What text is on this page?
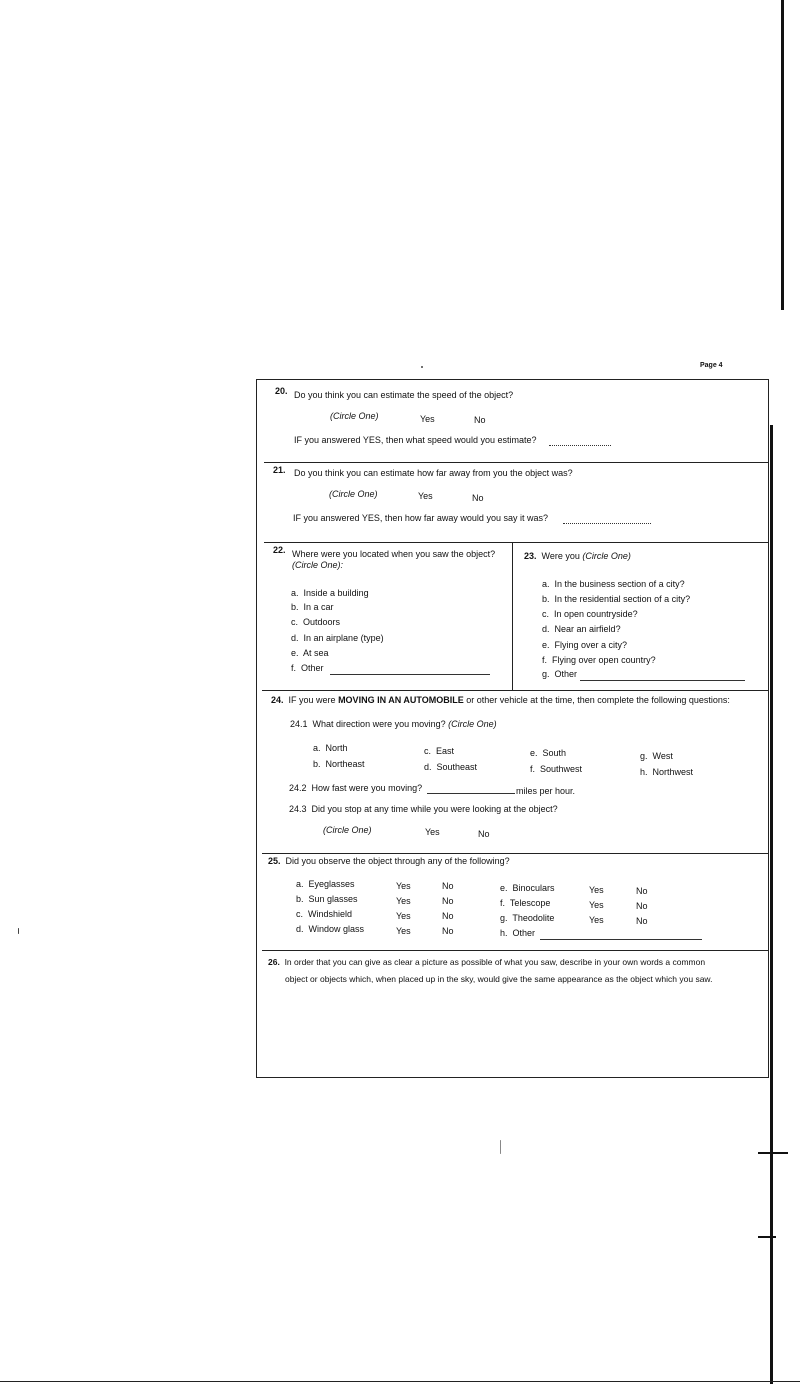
Page 4
20. Do you think you can estimate the speed of the object?
(Circle One)	Yes	No
IF you answered YES, then what speed would you estimate?
21. Do you think you can estimate how far away from you the object was?
(Circle One)	Yes	No
IF you answered YES, then how far away would you say it was?
22. Where were you located when you saw the object?
(Circle One):
a. Inside a building
b. In a car
c. Outdoors
d. In an airplane (type)
e. At sea
f. Other
23. Were you (Circle One)
a. In the business section of a city?
b. In the residential section of a city?
c. In open countryside?
d. Near an airfield?
e. Flying over a city?
f. Flying over open country?
g. Other
24. IF you were MOVING IN AN AUTOMOBILE or other vehicle at the time, then complete the following questions:
24.1 What direction were you moving? (Circle One)
a. North
b. Northeast
c. East
d. Southeast
e. South
f. Southwest
g. West
h. Northwest
24.2 How fast were you moving?	miles per hour.
24.3 Did you stop at any time while you were looking at the object?
(Circle One)	Yes	No
25. Did you observe the object through any of the following?
a. Eyeglasses	Yes	No
b. Sun glasses	Yes	No
c. Windshield	Yes	No
d. Window glass	Yes	No
e. Binoculars	Yes	No
f. Telescope	Yes	No
g. Theodolite	Yes	No
h. Other
26. In order that you can give as clear a picture as possible of what you saw, describe in your own words a common
object or objects which, when placed up in the sky, would give the same appearance as the object which you saw.
